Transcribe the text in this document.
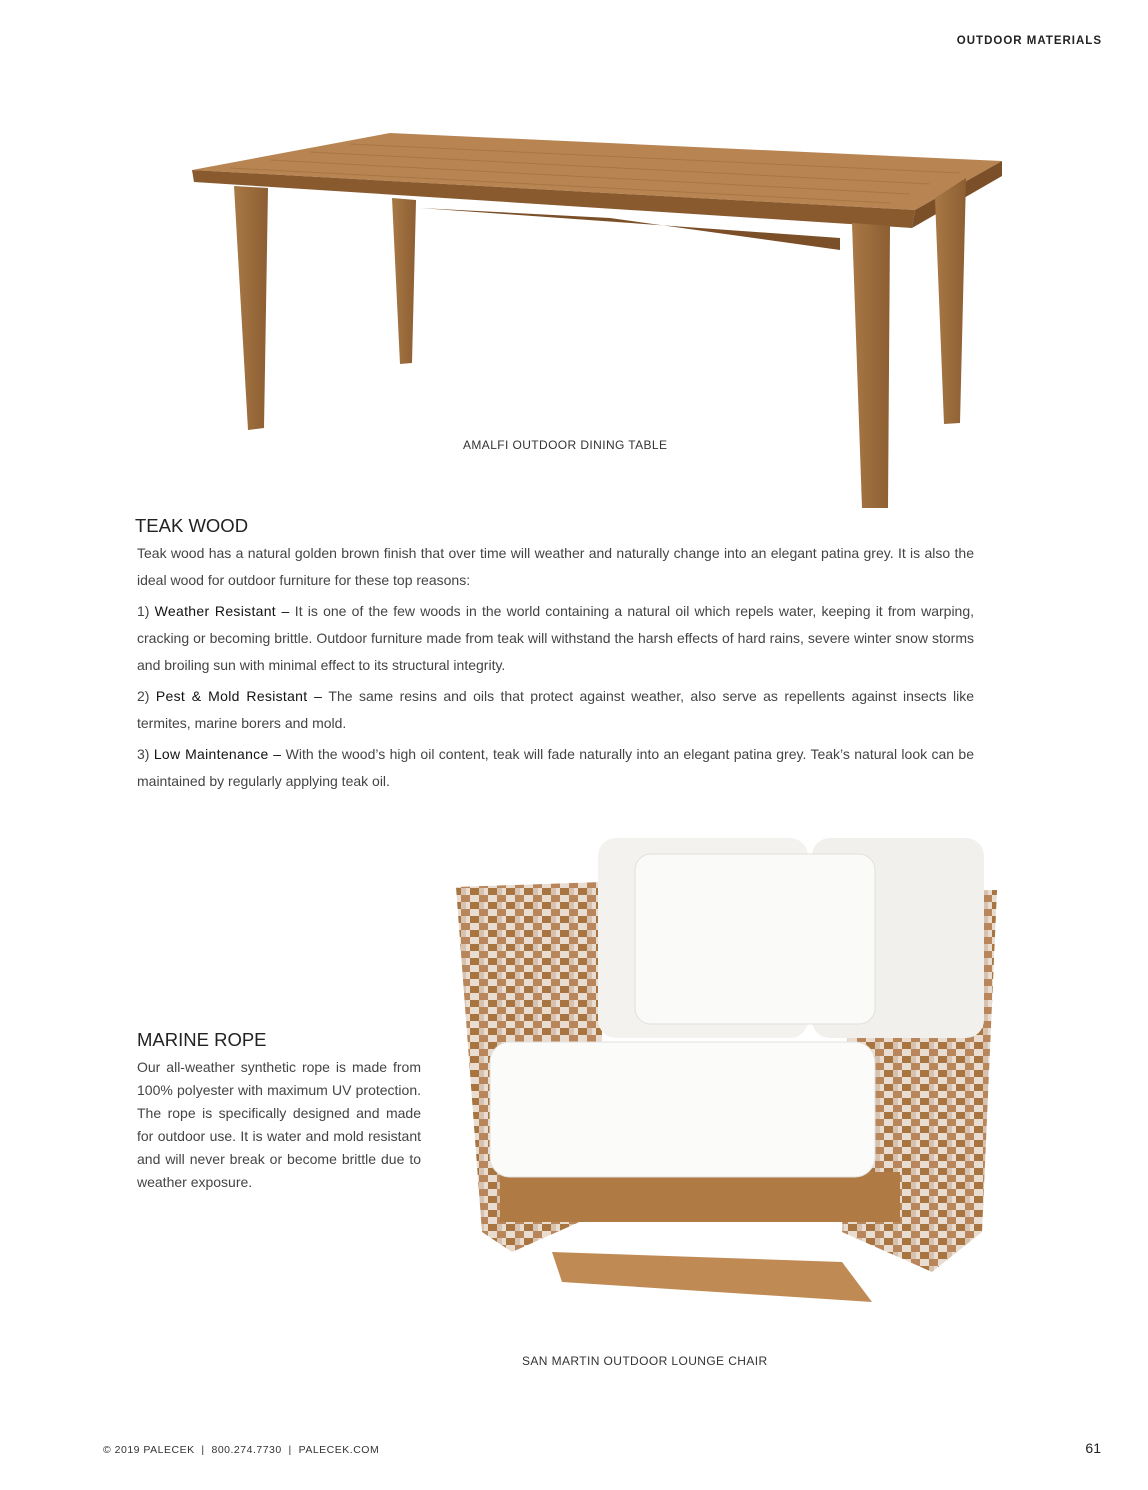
OUTDOOR MATERIALS
AMALFI OUTDOOR DINING TABLE
TEAK WOOD

Teak wood has a natural golden brown finish that over time will weather and naturally change into an elegant patina grey. It is also the ideal wood for outdoor furniture for these top reasons:

1) Weather Resistant – It is one of the few woods in the world containing a natural oil which repels water, keeping it from warping, cracking or becoming brittle. Outdoor furniture made from teak will withstand the harsh effects of hard rains, severe winter snow storms and broiling sun with minimal effect to its structural integrity.

2) Pest & Mold Resistant – The same resins and oils that protect against weather, also serve as repellents against insects like termites, marine borers and mold.

3) Low Maintenance – With the wood’s high oil content, teak will fade naturally into an elegant patina grey. Teak’s natural look can be maintained by regularly applying teak oil.

MARINE ROPE

Our all-weather synthetic rope is made from 100% polyester with maximum UV protection. The rope is specifically designed and made for outdoor use. It is water and mold resistant and will never break or become brittle due to weather exposure.

SAN MARTIN OUTDOOR LOUNGE CHAIR
© 2019 PALECEK  |  800.274.7730  |  PALECEK.COM	61
